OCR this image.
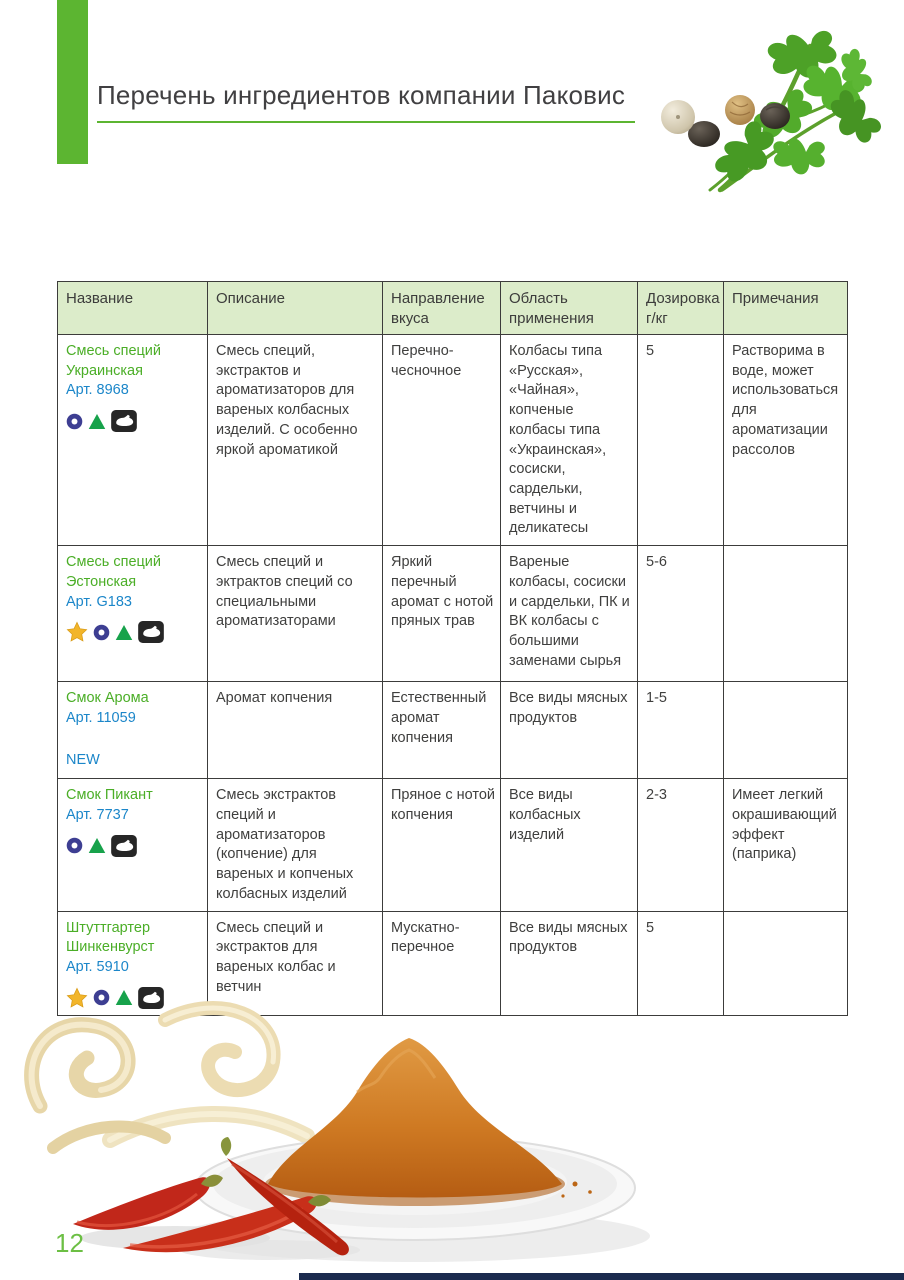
Перечень ингредиентов компании Паковис
Название	Описание	Направление вкуса	Область применения	Дозировка г/кг	Примечания

Смесь специй Украинская
Арт. 8968	Смесь специй, экстрактов и ароматизаторов для вареных колбасных изделий. С особенно яркой ароматикой	Перечно-чесночное	Колбасы типа «Русская», «Чайная», копченые колбасы типа «Украинская», сосиски, сардельки, ветчины и деликатесы	5	Растворима в воде, может использоваться для ароматизации рассолов

Смесь специй Эстонская
Арт. G183	Смесь специй и эктрактов специй со специальными ароматизаторами	Яркий перечный аромат с нотой пряных трав	Вареные колбасы, сосиски и сардельки, ПК и ВК колбасы с большими заменами сырья	5-6	

Смок Арома
Арт. 11059
NEW	Аромат копчения	Естественный аромат копчения	Все виды мясных продуктов	1-5	

Смок Пикант
Арт. 7737	Смесь экстрактов специй и ароматизаторов (копчение) для вареных и копченых колбасных изделий	Пряное с нотой копчения	Все виды колбасных изделий	2-3	Имеет легкий окрашивающий эффект (паприка)

Штуттгартер Шинкенвурст
Арт. 5910	Смесь специй и экстрактов для вареных колбас и ветчин	Мускатно-перечное	Все виды мясных продуктов	5	
12
